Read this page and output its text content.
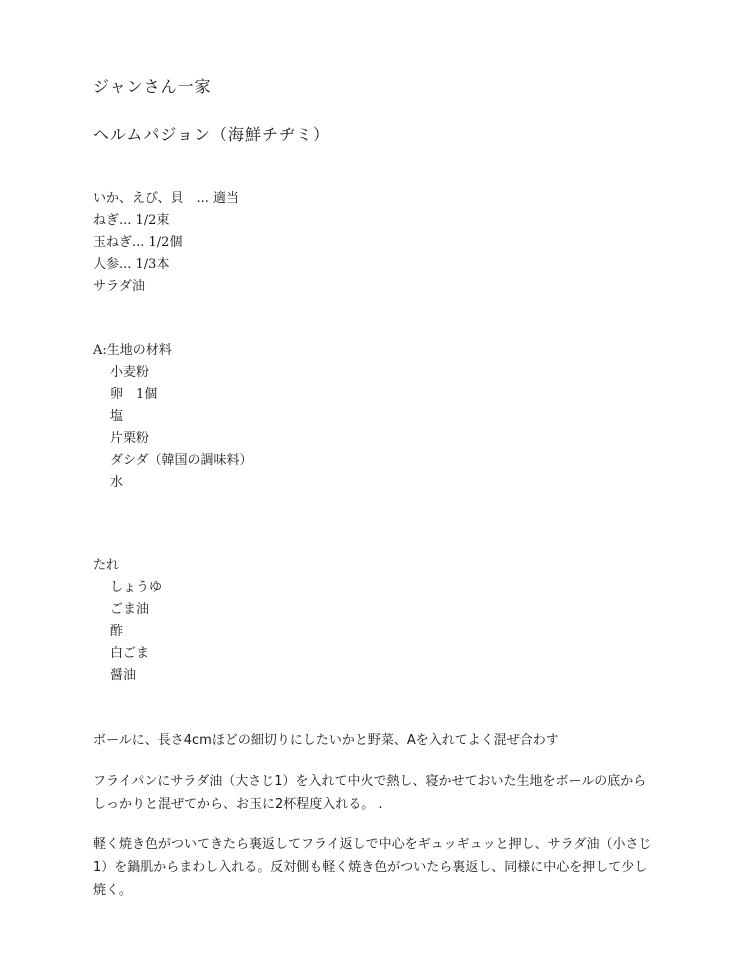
ジャンさん一家
ヘルムパジョン（海鮮チヂミ）
いか、えび、貝　... 適当
ねぎ... 1/2束
玉ねぎ... 1/2個
人参... 1/3本
サラダ油
A:生地の材料
小麦粉
卵　1個
塩
片栗粉
ダシダ（韓国の調味料）
水
たれ
しょうゆ
ごま油
酢
白ごま
醤油

ボールに、長さ4cmほどの細切りにしたいかと野菜、Aを入れてよく混ぜ合わす

フライパンにサラダ油（大さじ1）を入れて中火で熱し、寝かせておいた生地をボールの底からしっかりと混ぜてから、お玉に2杯程度入れる。 .

軽く焼き色がついてきたら裏返してフライ返しで中心をギュッギュッと押し、サラダ油（小さじ1）を鍋肌からまわし入れる。反対側も軽く焼き色がついたら裏返し、同様に中心を押して少し焼く。
